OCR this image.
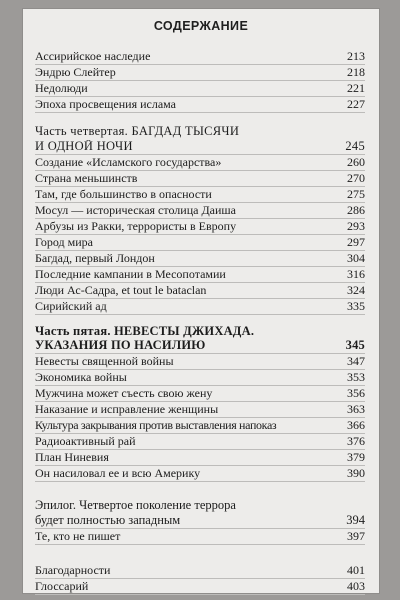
СОДЕРЖАНИЕ
Ассирийское наследие	213
Эндрю Слейтер	218
Недолюди	221
Эпоха просвещения ислама	227
Часть четвертая. БАГДАД ТЫСЯЧИ
И ОДНОЙ НОЧИ	245
Создание «Исламского государства»	260
Страна меньшинств	270
Там, где большинство в опасности	275
Мосул — историческая столица Даиша	286
Арбузы из Ракки, террористы в Европу	293
Город мира	297
Багдад, первый Лондон	304
Последние кампании в Месопотамии	316
Люди Ас-Садра, et tout le bataclan	324
Сирийский ад	335
Часть пятая. НЕВЕСТЫ ДЖИХАДА.
УКАЗАНИЯ ПО НАСИЛИЮ	345
Невесты священной войны	347
Экономика войны	353
Мужчина может съесть свою жену	356
Наказание и исправление женщины	363
Культура закрывания против выставления напоказ	366
Радиоактивный рай	376
План Ниневия	379
Он насиловал ее и всю Америку	390
Эпилог. Четвертое поколение террора
будет полностью западным	394
Те, кто не пишет	397
Благодарности	401
Глоссарий	403
